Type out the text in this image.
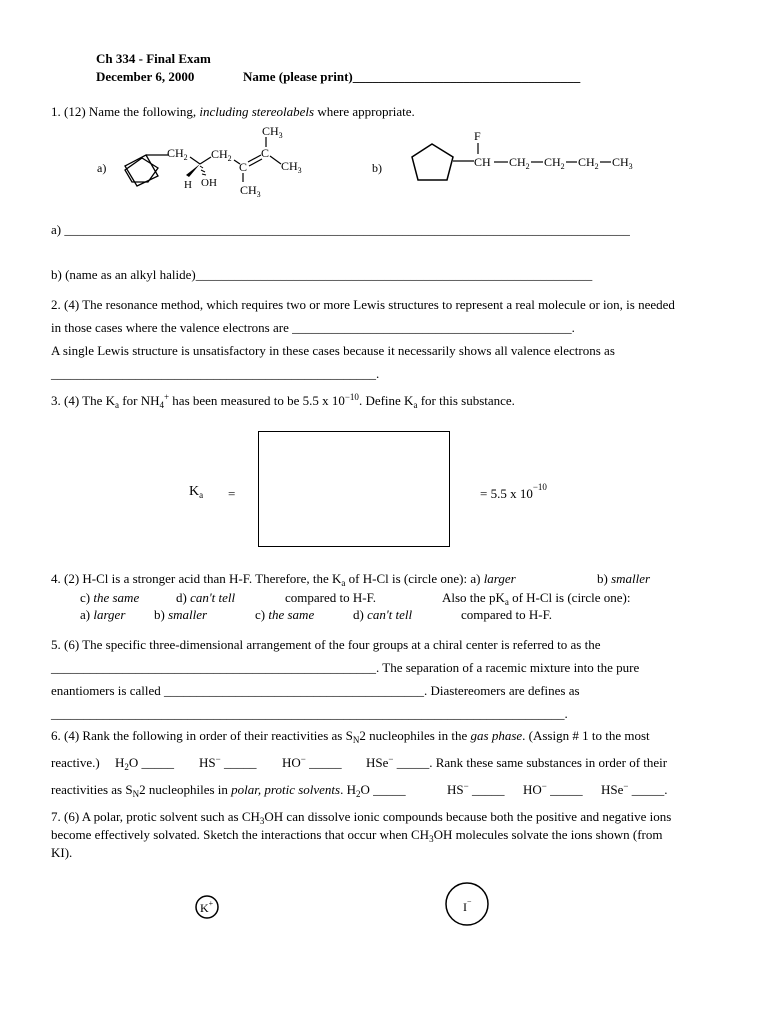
Ch 334 - Final Exam
December 6, 2000	Name (please print)___________________________________
1. (12) Name the following, including stereolabels where appropriate.
a)
$CH_2$
H OH
$CH_2$
C
C
$CH_3$
$CH_3$
$CH_3$
b)
F
CH $CH_2$ $CH_2$ $CH_2$ $CH_3$
a) _______________________________________________________________________________________
b) (name as an alkyl halide)_____________________________________________________________
2. (4) The resonance method, which requires two or more Lewis structures to represent a real molecule or ion, is needed
in those cases where the valence electrons are ___________________________________________.
A single Lewis structure is unsatisfactory in these cases because it necessarily shows all valence electrons as
__________________________________________________.
3. (4) The $K_a$ for $NH_4^+$ has been measured to be 5.5 x $10^{-10}$. Define $K_a$ for this substance.
$K_a$ =	= 5.5 x $10^{-10}$
4. (2) H-Cl is a stronger acid than H-F. Therefore, the $K_a$ of H-Cl is (circle one): a) larger	b) smaller
c) the same	d) can't tell	compared to H-F.	Also the $pK_a$ of H-Cl is (circle one):
a) larger b) smaller	c) the same	d) can't tell	compared to H-F.
5. (6) The specific three-dimensional arrangement of the four groups at a chiral center is referred to as the
__________________________________________________. The separation of a racemic mixture into the pure
enantiomers is called ________________________________________. Diastereomers are defines as
_______________________________________________________________________________.
6. (4) Rank the following in order of their reactivities as $S_N2$ nucleophiles in the gas phase. (Assign # 1 to the most
reactive.) $H_2O$ _____ HS− _____ HO− _____ HSe− _____. Rank these same substances in order of their
reactivities as $S_N2$ nucleophiles in polar, protic solvents. $H_2O$ _____	HS− _____ HO− _____ HSe− _____.
7. (6) A polar, protic solvent such as $CH_3OH$ can dissolve ionic compounds because both the positive and negative ions
become effectively solvated. Sketch the interactions that occur when $CH_3OH$ molecules solvate the ions shown (from
KI).
K+	I−
